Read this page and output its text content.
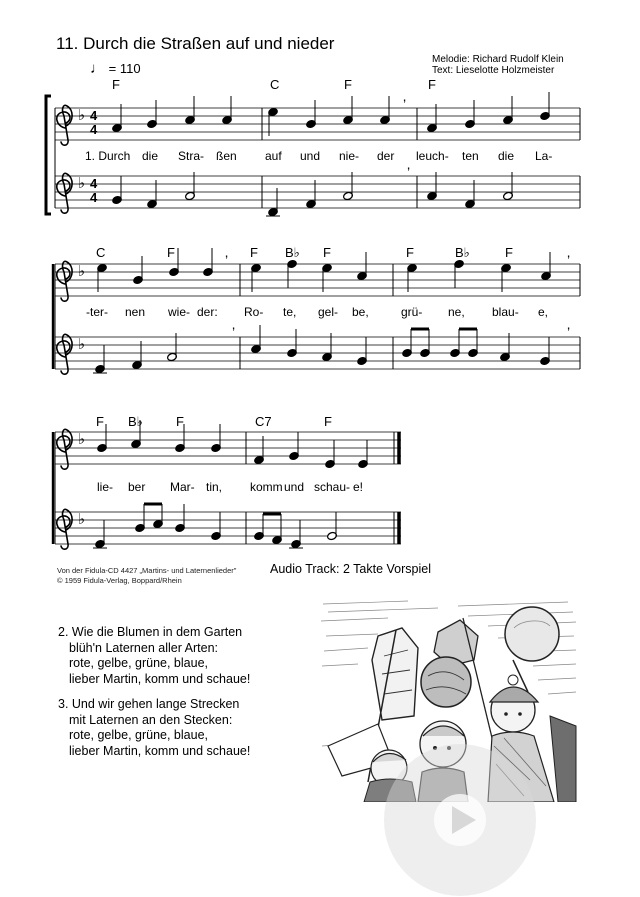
11. Durch die Straßen auf und nieder
Melodie: Richard Rudolf Klein
Text: Lieselotte Holzmeister
♩ = 110
♭
♭
4
4
4
4
F	C	F	F
’
’
1. Durch die Stra- ßen auf und nie- der leuch- ten die La-
♭
♭
C	F	F B♭ F	F	B♭	F
’	’
’	’
-ter- nen wie- der: Ro- te, gel- be,	grü- ne, blau- e,
♭
♭
F B♭	F	C7	F
lie- ber Mar- tin, komm und schau- e!
Von der Fidula-CD 4427 „Martins- und Laternenlieder"
© 1959 Fidula-Verlag, Boppard/Rhein
Audio Track: 2 Takte Vorspiel
2. Wie die Blumen in dem Garten
blüh'n Laternen aller Arten:
rote, gelbe, grüne, blaue,
lieber Martin, komm und schaue!
3. Und wir gehen lange Strecken
mit Laternen an den Stecken:
rote, gelbe, grüne, blaue,
lieber Martin, komm und schaue!
